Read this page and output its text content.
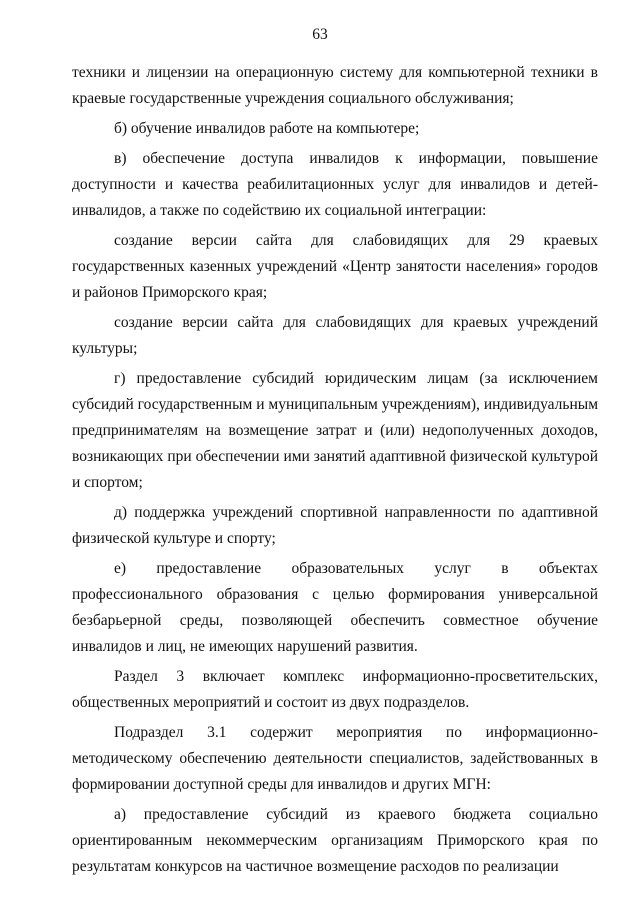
63

техники и лицензии на операционную систему для компьютерной техники в краевые государственные учреждения социального обслуживания;

б) обучение инвалидов работе на компьютере;

в) обеспечение доступа инвалидов к информации, повышение доступности и качества реабилитационных услуг для инвалидов и детей-инвалидов, а также по содействию их социальной интеграции:

создание версии сайта для слабовидящих для 29 краевых государственных казенных учреждений «Центр занятости населения» городов и районов Приморского края;

создание версии сайта для слабовидящих для краевых учреждений культуры;

г) предоставление субсидий юридическим лицам (за исключением субсидий государственным и муниципальным учреждениям), индивидуальным предпринимателям на возмещение затрат и (или) недополученных доходов, возникающих при обеспечении ими занятий адаптивной физической культурой и спортом;

д) поддержка учреждений спортивной направленности по адаптивной физической культуре и спорту;

е) предоставление образовательных услуг в объектах профессионального образования с целью формирования универсальной безбарьерной среды, позволяющей обеспечить совместное обучение инвалидов и лиц, не имеющих нарушений развития.

Раздел 3 включает комплекс информационно-просветительских, общественных мероприятий и состоит из двух подразделов.

Подраздел 3.1 содержит мероприятия по информационно-методическому обеспечению деятельности специалистов, задействованных в формировании доступной среды для инвалидов и других МГН:

а) предоставление субсидий из краевого бюджета социально ориентированным некоммерческим организациям Приморского края по результатам конкурсов на частичное возмещение расходов по реализации
